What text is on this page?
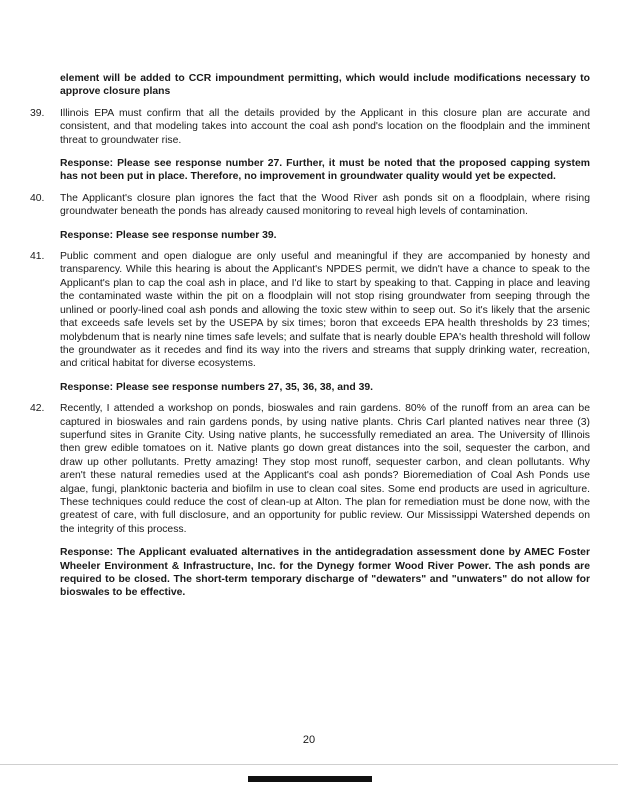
element will be added to CCR impoundment permitting, which would include modifications necessary to approve closure plans

39.	Illinois EPA must confirm that all the details provided by the Applicant in this closure plan are accurate and consistent, and that modeling takes into account the coal ash pond's location on the floodplain and the imminent threat to groundwater rise.

Response: Please see response number 27. Further, it must be noted that the proposed capping system has not been put in place. Therefore, no improvement in groundwater quality would yet be expected.

40.	The Applicant's closure plan ignores the fact that the Wood River ash ponds sit on a floodplain, where rising groundwater beneath the ponds has already caused monitoring to reveal high levels of contamination.

Response: Please see response number 39.

41.	Public comment and open dialogue are only useful and meaningful if they are accompanied by honesty and transparency. While this hearing is about the Applicant's NPDES permit, we didn't have a chance to speak to the Applicant's plan to cap the coal ash in place, and I'd like to start by speaking to that. Capping in place and leaving the contaminated waste within the pit on a floodplain will not stop rising groundwater from seeping through the unlined or poorly-lined coal ash ponds and allowing the toxic stew within to seep out. So it's likely that the arsenic that exceeds safe levels set by the USEPA by six times; boron that exceeds EPA health thresholds by 23 times; molybdenum that is nearly nine times safe levels; and sulfate that is nearly double EPA's health threshold will follow the groundwater as it recedes and find its way into the rivers and streams that supply drinking water, recreation, and critical habitat for diverse ecosystems.

Response: Please see response numbers 27, 35, 36, 38, and 39.

42.	Recently, I attended a workshop on ponds, bioswales and rain gardens. 80% of the runoff from an area can be captured in bioswales and rain gardens ponds, by using native plants. Chris Carl planted natives near three (3) superfund sites in Granite City. Using native plants, he successfully remediated an area. The University of Illinois then grew edible tomatoes on it. Native plants go down great distances into the soil, sequester the carbon, and draw up other pollutants. Pretty amazing! They stop most runoff, sequester carbon, and clean pollutants. Why aren't these natural remedies used at the Applicant's coal ash ponds? Bioremediation of Coal Ash Ponds use algae, fungi, planktonic bacteria and biofilm in use to clean coal sites. Some end products are used in agriculture. These techniques could reduce the cost of clean-up at Alton. The plan for remediation must be done now, with the greatest of care, with full disclosure, and an opportunity for public review. Our Mississippi Watershed depends on the integrity of this process.

Response: The Applicant evaluated alternatives in the antidegradation assessment done by AMEC Foster Wheeler Environment & Infrastructure, Inc. for the Dynegy former Wood River Power. The ash ponds are required to be closed. The short-term temporary discharge of "dewaters" and "unwaters" do not allow for bioswales to be effective.

20
